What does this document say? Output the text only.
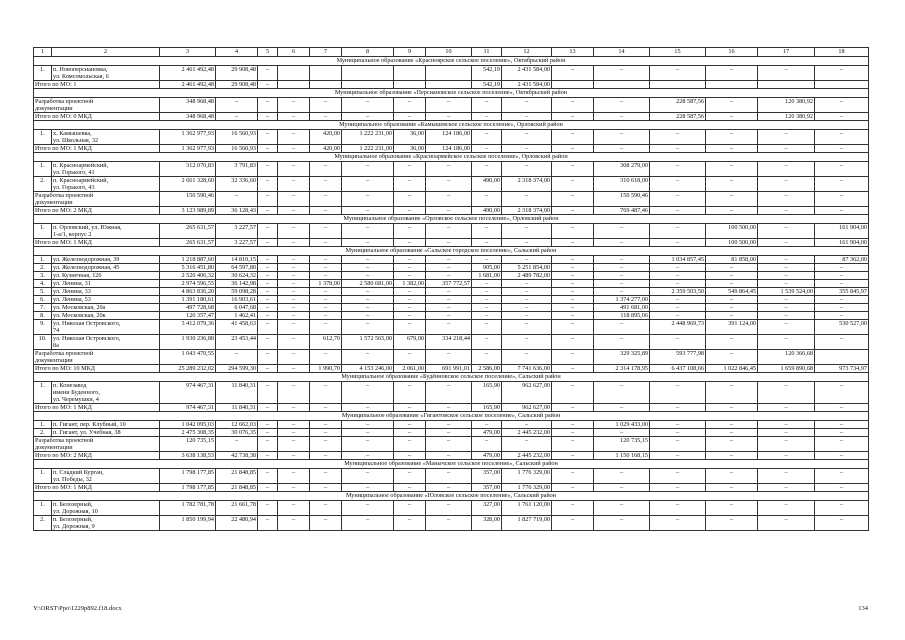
1	2	3	4	5	6	7	8	9	10	11	12	13	14	15	16	17	18
Муниципальное образование «Красноярское сельское поселение», Октябрьский район																	
1.	п. Новоперсиановка,
ул. Комсомольская, 6	2 461 492,48	29 908,48	–						542,19	2 431 584,00	–	–	–	–	–	–
Итого по МО: 1		2 461 492,48	29 908,48	–						542,19	2 431 584,00						
Муниципальное образование «Персиановское сельское поселение», Октябрьский район																	
Разработка проектной
документации		348 968,48	–	–	–	–	–	–	–	–	–	–	–	228 587,56	–	120 380,92	–
Итого по МО: 0 МКД		348 968,48	–	–	–	–	–	–	–	–	–	–	–	228 587,56	–	120 380,92	–
Муниципальное образование «Камышевское сельское поселение», Орловский район																	
1.	х. Камышевка,
ул. Школьная, 32	1 362 977,93	16 560,93	–	–	420,00	1 222 231,00	36,00	124 186,00	–	–	–	–	–	–	–	–
Итого по МО: 1 МКД		1 362 977,93	16 560,93	–	–	420,00	1 222 231,00	36,00	124 186,00	–	–	–	–	–	–	–	–
Муниципальное образование «Красноармейское сельское поселение», Орловский район																	
1.	п. Красноармейский,
ул. Горького, 41	312 070,83	3 791,83	–	–	–	–	–	–	–	–	–	308 279,00	–	–	–	–
2.	п. Красноармейский,
ул. Горького, 43	2 661 328,60	32 336,60	–	–	–	–	–	–	490,00	2 318 374,00	–	310 618,00	–	–	–	–
Разработка проектной
документации		150 590,46	–	–	–	–	–	–	–	–	–	–	150 590,46	–	–	–	–
Итого по МО: 2 МКД		3 123 989,89	36 128,43	–	–	–	–	–	–	490,00	2 318 374,00	–	769 487,46	–	–	–	–
Муниципальное образование «Орловское сельское поселение», Орловский район																	
1.	п. Орловский, ул. Южная,
1-а/1, корпус 2	265 631,57	3 227,57	–	–	–	–	–	–	–	–	–	–	–	100 500,00	–	161 904,00
Итого по МО: 1 МКД		265 631,57	3 227,57	–	–	–	–	–	–	–	–	–	–	–	100 500,00	–	161 904,00
Муниципальное образование «Сальское городское поселение», Сальский район																	
1.	ул. Железнодорожная, 39	1 218 887,60	14 810,15	–	–	–	–	–	–	–	–	–	–	1 034 857,45	81 858,00	–	87 362,00
2.	ул. Железнодорожная, 45	5 316 451,80	64 597,80	–	–	–	–	–	–	905,00	5 251 854,00	–	–	–	–	–	–
3.	ул. Кузнечная, 126	2 520 406,32	30 624,32	–	–	–	–	–	–	1 681,00	2 489 782,00	–	–	–	–	–	–
4.	ул. Ленина, 31	2 974 596,55	36 142,98	–	–	1 378,00	2 580 681,00	1 382,00	357 772,57	–	–	–	–	–	–	–	–
5.	ул. Ленина, 33	4 863 836,20	59 098,28	–	–	–	–	–	–	–	–	–	–	2 359 503,50	549 864,45	1 539 524,00	355 845,97
6.	ул. Ленина, 53	1 391 180,61	16 903,61	–	–	–	–	–	–	–	–	–	1 374 277,00	–	–	–	–
7.	ул. Московская, 20а	497 728,68	6 047,68	–	–	–	–	–	–	–	–	–	491 681,00	–	–	–	–
8.	ул. Московская, 20к	120 357,47	1 462,41	–	–	–	–	–	–	–	–	–	118 895,06	–	–	–	–
9.	ул. Николая Островского,
74	3 412 079,36	41 458,63	–	–	–	–	–	–	–	–	–	–	2 448 969,73	391 124,00	–	530 527,00
10.	ул. Николая Островского,
8а	1 930 236,88	23 453,44	–	–	612,70	1 572 565,00	679,00	334 218,44	–	–	–	–	–	–	–	–
Разработка проектной
документации		1 043 470,55	–	–	–	–	–	–	–	–	–	–	329 325,89	593 777,98	–	120 366,68	
Итого по МО: 10 МКД		25 289 232,02	294 599,30	–	–	1 990,70	4 153 246,00	2 061,00	691 991,01	2 586,00	7 741 636,00	–	2 314 178,95	6 437 108,66	1 022 846,45	1 659 890,68	973 734,97
Муниципальное образование «Будённовское сельское поселение», Сальский район																	
1.	п. Конезавод
имени Буденного,
ул. Черемушки, 4	974 467,31	11 840,31	–	–	–	–	–	–	165,90	962 627,00	–	–	–	–	–	–
Итого по МО: 1 МКД		974 467,31	11 840,31	–	–	–	–	–	–	165,90	962 627,00	–	–	–	–	–	–
Муниципальное образование «Гигантовское сельское поселение», Сальский район																	
1.	п. Гигант, пер. Клубный, 10	1 042 095,03	12 662,03	–	–	–	–	–	–	–	–	–	1 029 433,00	–	–	–	–
2.	п. Гигант, ул. Учебная, 38	2 475 308,35	30 076,35	–	–	–	–	–	–	479,00	2 445 232,00	–	–	–	–	–	–
Разработка проектной
документации		120 735,15	–	–	–	–	–	–	–	–	–	–	120 735,15	–	–	–	–
Итого по МО: 2 МКД		3 638 138,53	42 738,38	–	–	–	–	–	–	479,00	2 445 232,00	–	1 150 168,15	–	–	–	–
Муниципальное образование «Манычское сельское поселение», Сальский район																	
1.	п. Сладкий Курган,
ул. Победы, 32	1 798 177,85	21 848,85	–	–	–	–	–	–	357,00	1 776 329,00	–	–	–	–	–	–
Итого по МО: 1 МКД		1 798 177,85	21 848,85	–	–	–	–	–	–	357,00	1 776 329,00	–	–	–	–	–	–
Муниципальное образование «Юловское сельское поселение», Сальский район																	
1.	п. Белозерный,
ул. Дорожная, 10	1 782 781,78	21 661,78	–	–	–	–	–	–	327,00	1 761 120,00	–	–	–	–	–	–
2.	п. Белозерный,
ул. Дорожная, 9	1 850 199,94	22 480,94	–	–	–	–	–	–	328,00	1 827 719,00	–	–	–	–	–	–
Y:\ORST\Ppo\1229p892.f18.docx	134
